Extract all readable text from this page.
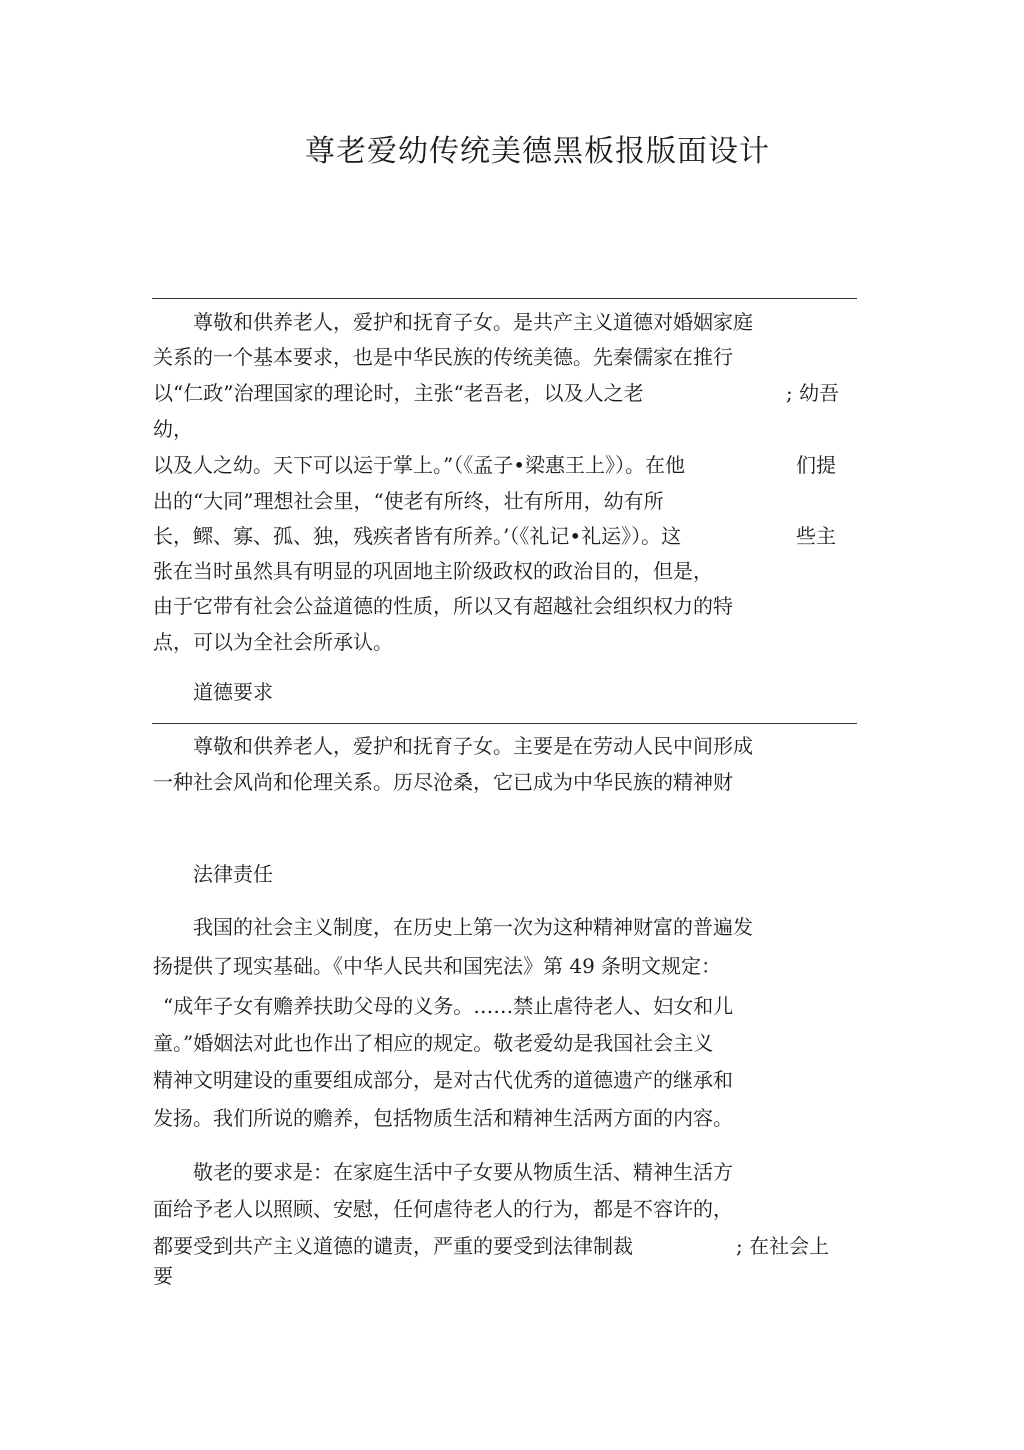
尊老爱幼传统美德黑板报版面设计
尊敬和供养老人，爱护和抚育子女。是共产主义道德对婚姻家庭
关系的一个基本要求，也是中华民族的传统美德。先秦儒家在推行
以“仁政”治理国家的理论时，主张“老吾老，以及人之老	; 幼吾
幼，
以及人之幼。天下可以运于掌上。”（《孟子•梁惠王上》）。在他	们提
出的“大同”理想社会里，“使老有所终，壮有所用，幼有所
长，鳏、寡、孤、独，残疾者皆有所养。’（《礼记•礼运》）。这	些主
张在当时虽然具有明显的巩固地主阶级政权的政治目的，但是，
由于它带有社会公益道德的性质，所以又有超越社会组织权力的特
点，可以为全社会所承认。
道德要求
尊敬和供养老人，爱护和抚育子女。主要是在劳动人民中间形成
一种社会风尚和伦理关系。历尽沧桑，它已成为中华民族的精神财
法律责任
我国的社会主义制度，在历史上第一次为这种精神财富的普遍发
扬提供了现实基础。《中华人民共和国宪法》第 49 条明文规定：
“成年子女有赡养扶助父母的义务。……禁止虐待老人、妇女和儿
童。”婚姻法对此也作出了相应的规定。敬老爱幼是我国社会主义
精神文明建设的重要组成部分，是对古代优秀的道德遗产的继承和
发扬。我们所说的赡养，包括物质生活和精神生活两方面的内容。
敬老的要求是：在家庭生活中子女要从物质生活、精神生活方
面给予老人以照顾、安慰，任何虐待老人的行为，都是不容许的，
都要受到共产主义道德的谴责，严重的要受到法律制裁	; 在社会上
要
